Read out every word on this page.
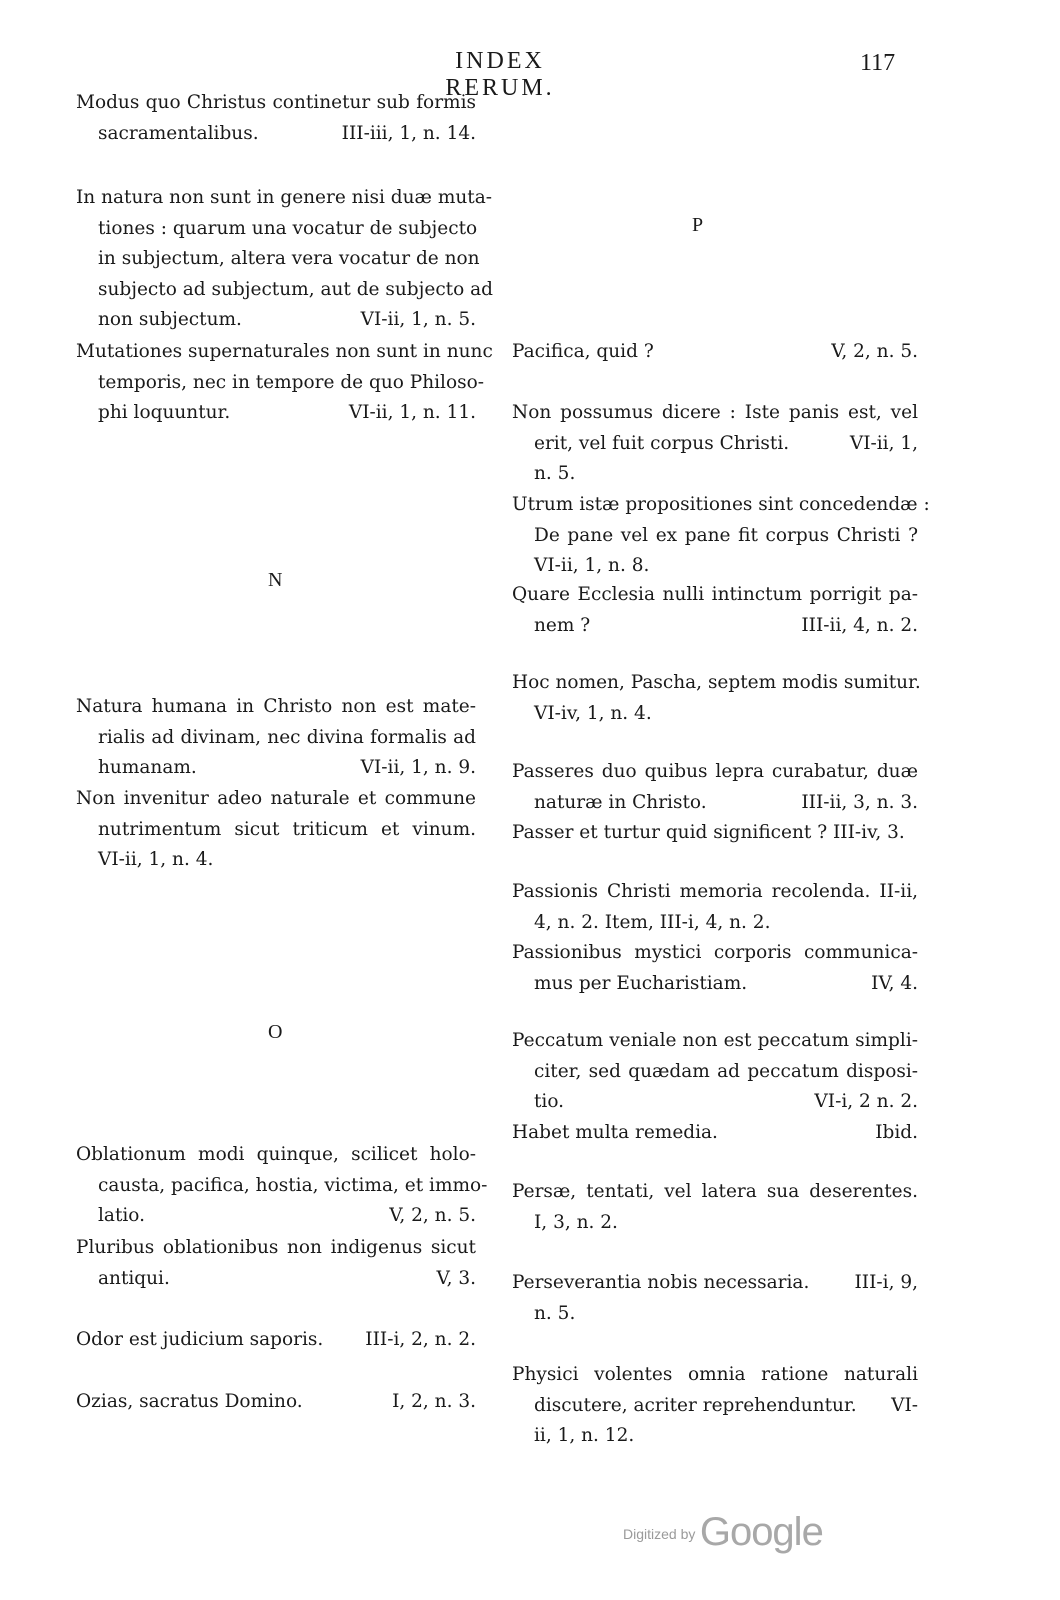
INDEX RERUM.
117
Modus quo Christus continetur sub formis
sacramentalibus.	III-iii, 1, n. 14.
In natura non sunt in genere nisi duæ muta-
tiones : quarum una vocatur de subjecto
in subjectum, altera vera vocatur de non
subjecto ad subjectum, aut de subjecto ad
non subjectum.	VI-ii, 1, n. 5.
Mutationes supernaturales non sunt in nunc
temporis, nec in tempore de quo Philoso-
phi loquuntur.	VI-ii, 1, n. 11.
N
Natura humana in Christo non est mate-
rialis ad divinam, nec divina formalis ad
humanam.	VI-ii, 1, n. 9.
Non invenitur adeo naturale et commune
nutrimentum sicut triticum et vinum.
VI-ii, 1, n. 4.
O
Oblationum modi quinque, scilicet holo-
causta, pacifica, hostia, victima, et immo-
latio.	V, 2, n. 5.
Pluribus oblationibus non indigenus sicut
antiqui.	V, 3.
Odor est judicium saporis. III-i, 2, n. 2.
Ozias, sacratus Domino.	I, 2, n. 3.
P
Pacifica, quid ?	V, 2, n. 5.
Non possumus dicere : Iste panis est, vel
erit, vel fuit corpus Christi.	VI-ii, 1,
n. 5.
Utrum istæ propositiones sint concedendæ :
De pane vel ex pane fit corpus Christi ?
VI-ii, 1, n. 8.
Quare Ecclesia nulli intinctum porrigit pa-
nem ?	III-ii, 4, n. 2.
Hoc nomen, Pascha, septem modis sumitur.
VI-iv, 1, n. 4.
Passeres duo quibus lepra curabatur, duæ
naturæ in Christo.	III-ii, 3, n. 3.
Passer et turtur quid significent ? III-iv, 3.
Passionis Christi memoria recolenda. II-ii,
4, n. 2. Item, III-i, 4, n. 2.
Passionibus mystici corporis communica-
mus per Eucharistiam.	IV, 4.
Peccatum veniale non est peccatum simpli-
citer, sed quædam ad peccatum disposi-
tio.	VI-i, 2 n. 2.
Habet multa remedia.	Ibid.
Persæ, tentati, vel latera sua deserentes.
I, 3, n. 2.
Perseverantia nobis necessaria. III-i, 9,
n. 5.
Physici volentes omnia ratione naturali
discutere, acriter reprehenduntur. VI-
ii, 1, n. 12.
Digitized by Google
